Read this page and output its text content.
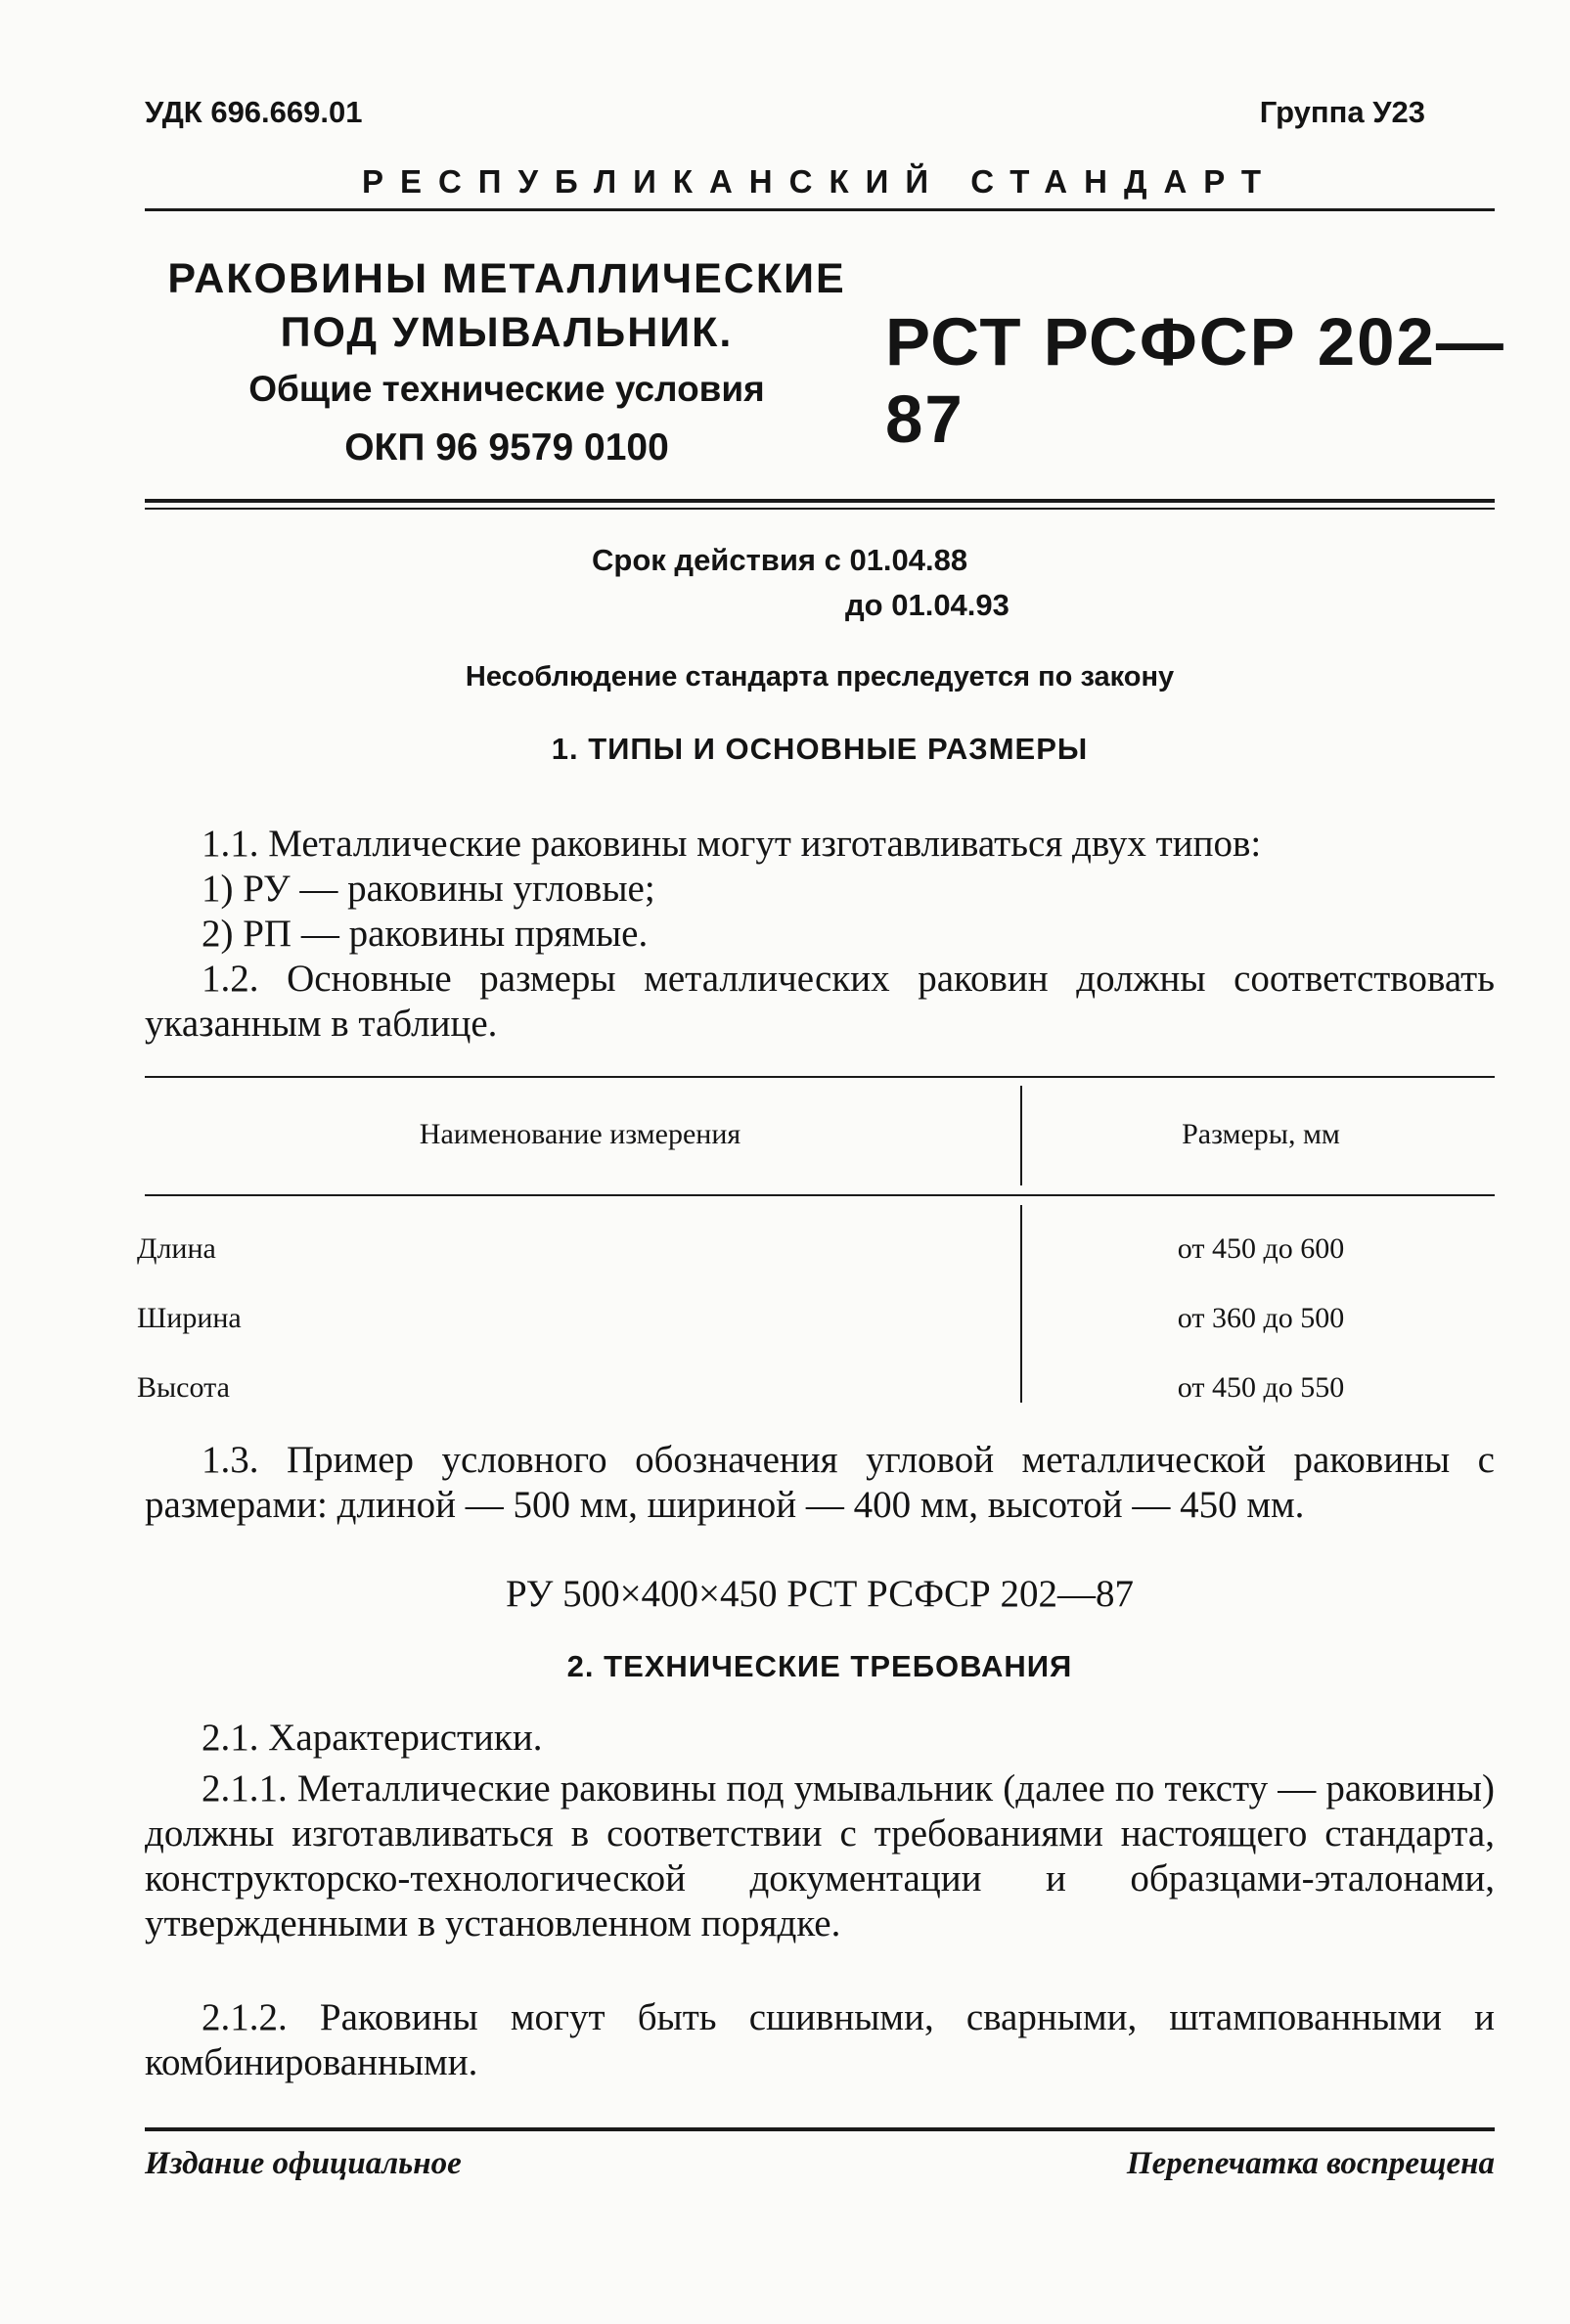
УДК 696.669.01	Группа У23
РЕСПУБЛИКАНСКИЙ СТАНДАРТ
РАКОВИНЫ МЕТАЛЛИЧЕСКИЕ
ПОД УМЫВАЛЬНИК.
Общие технические условия
ОКП 96 9579 0100
РСТ РСФСР 202—87
Срок действия с 01.04.88
до 01.04.93
Несоблюдение стандарта преследуется по закону
1. ТИПЫ И ОСНОВНЫЕ РАЗМЕРЫ
1.1. Металлические раковины могут изготавливаться двух типов:
1) РУ — раковины угловые;
2) РП — раковины прямые.
1.2. Основные размеры металлических раковин должны соответствовать указанным в таблице.
Наименование измерения	Размеры, мм
Длина	от 450 до 600
Ширина	от 360 до 500
Высота	от 450 до 550
1.3. Пример условного обозначения угловой металлической раковины с размерами: длиной — 500 мм, шириной — 400 мм, высотой — 450 мм.
РУ 500×400×450 РСТ РСФСР 202—87
2. ТЕХНИЧЕСКИЕ ТРЕБОВАНИЯ
2.1. Характеристики.
2.1.1. Металлические раковины под умывальник (далее по тексту — раковины) должны изготавливаться в соответствии с требованиями настоящего стандарта, конструкторско-технологической документации и образцами-эталонами, утвержденными в установленном порядке.
2.1.2. Раковины могут быть сшивными, сварными, штампованными и комбинированными.
Издание официальное	Перепечатка воспрещена
